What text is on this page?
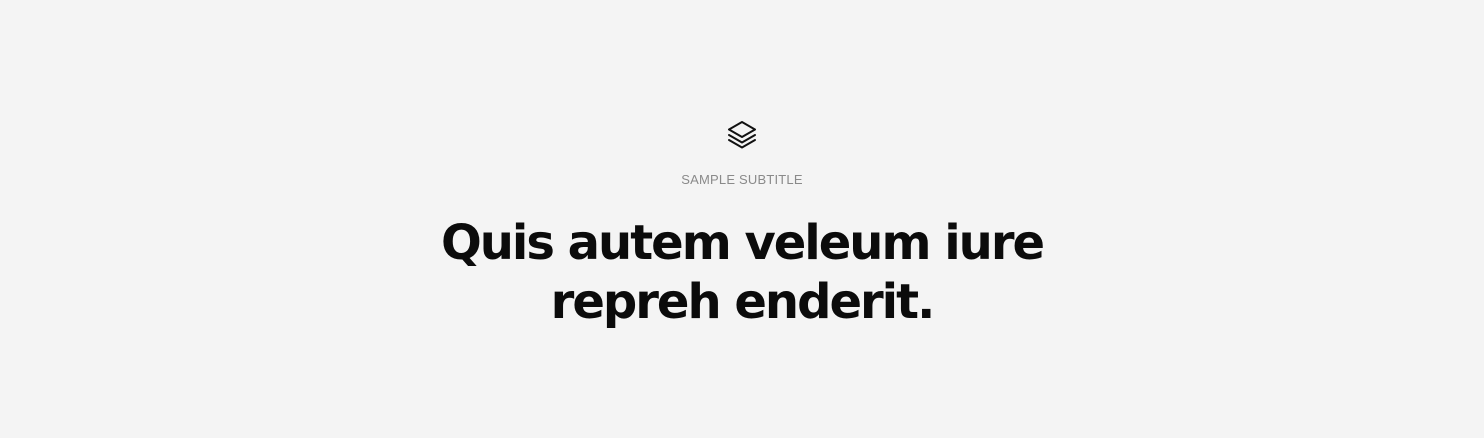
SAMPLE SUBTITLE
Quis autem veleum iure repreh enderit.
